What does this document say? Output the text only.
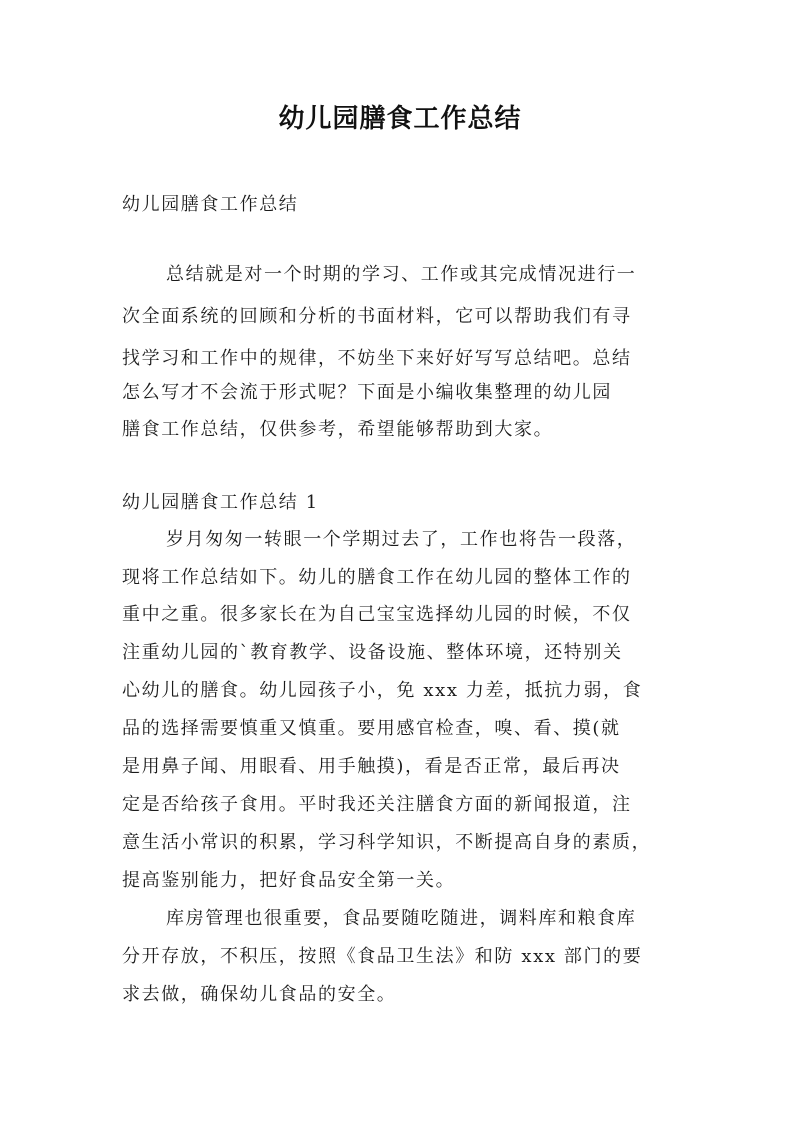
幼儿园膳食工作总结
幼儿园膳食工作总结
总结就是对一个时期的学习、工作或其完成情况进行一
次全面系统的回顾和分析的书面材料，它可以帮助我们有寻
找学习和工作中的规律，不妨坐下来好好写写总结吧。总结
怎么写才不会流于形式呢？下面是小编收集整理的幼儿园
膳食工作总结，仅供参考，希望能够帮助到大家。
幼儿园膳食工作总结 1
岁月匆匆一转眼一个学期过去了，工作也将告一段落，
现将工作总结如下。幼儿的膳食工作在幼儿园的整体工作的
重中之重。很多家长在为自己宝宝选择幼儿园的时候，不仅
注重幼儿园的`教育教学、设备设施、整体环境，还特别关
心幼儿的膳食。幼儿园孩子小，免 xxx 力差，抵抗力弱，食
品的选择需要慎重又慎重。要用感官检查，嗅、看、摸(就
是用鼻子闻、用眼看、用手触摸)，看是否正常，最后再决
定是否给孩子食用。平时我还关注膳食方面的新闻报道，注
意生活小常识的积累，学习科学知识，不断提高自身的素质，
提高鉴别能力，把好食品安全第一关。
库房管理也很重要，食品要随吃随进，调料库和粮食库
分开存放，不积压，按照《食品卫生法》和防 xxx 部门的要
求去做，确保幼儿食品的安全。
